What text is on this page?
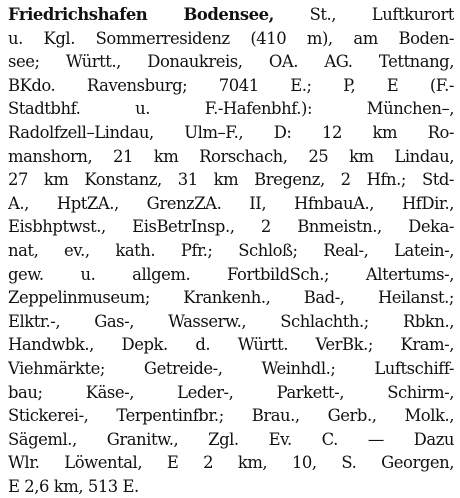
Friedrichshafen Bodensee, St., Luftkurort
u. Kgl. Sommerresidenz (410 m), am Boden-
see; Württ., Donaukreis, OA. AG. Tettnang,
BKdo. Ravensburg; 7041 E.; P, E (F.-
Stadtbhf. u. F.-Hafenbhf.): München–,
Radolfzell–Lindau, Ulm–F., D: 12 km Ro-
manshorn, 21 km Rorschach, 25 km Lindau,
27 km Konstanz, 31 km Bregenz, 2 Hfn.; Std-
A., HptZA., GrenzZA. II, HfnbauA., HfDir.,
Eisbhptwst., EisBetrInsp., 2 Bnmeistn., Deka-
nat, ev., kath. Pfr.; Schloß; Real-, Latein-,
gew. u. allgem. FortbildSch.; Altertums-,
Zeppelinmuseum; Krankenh., Bad-, Heilanst.;
Elktr.-, Gas-, Wasserw., Schlachth.; Rbkn.,
Handwbk., Depk. d. Württ. VerBk.; Kram-,
Viehmärkte; Getreide-, Weinhdl.; Luftschiff-
bau; Käse-, Leder-, Parkett-, Schirm-,
Stickerei-, Terpentinfbr.; Brau., Gerb., Molk.,
Sägeml., Granitw., Zgl. Ev. C. — Dazu
Wlr. Löwental, E 2 km, 10, S. Georgen,
E 2,6 km, 513 E.
